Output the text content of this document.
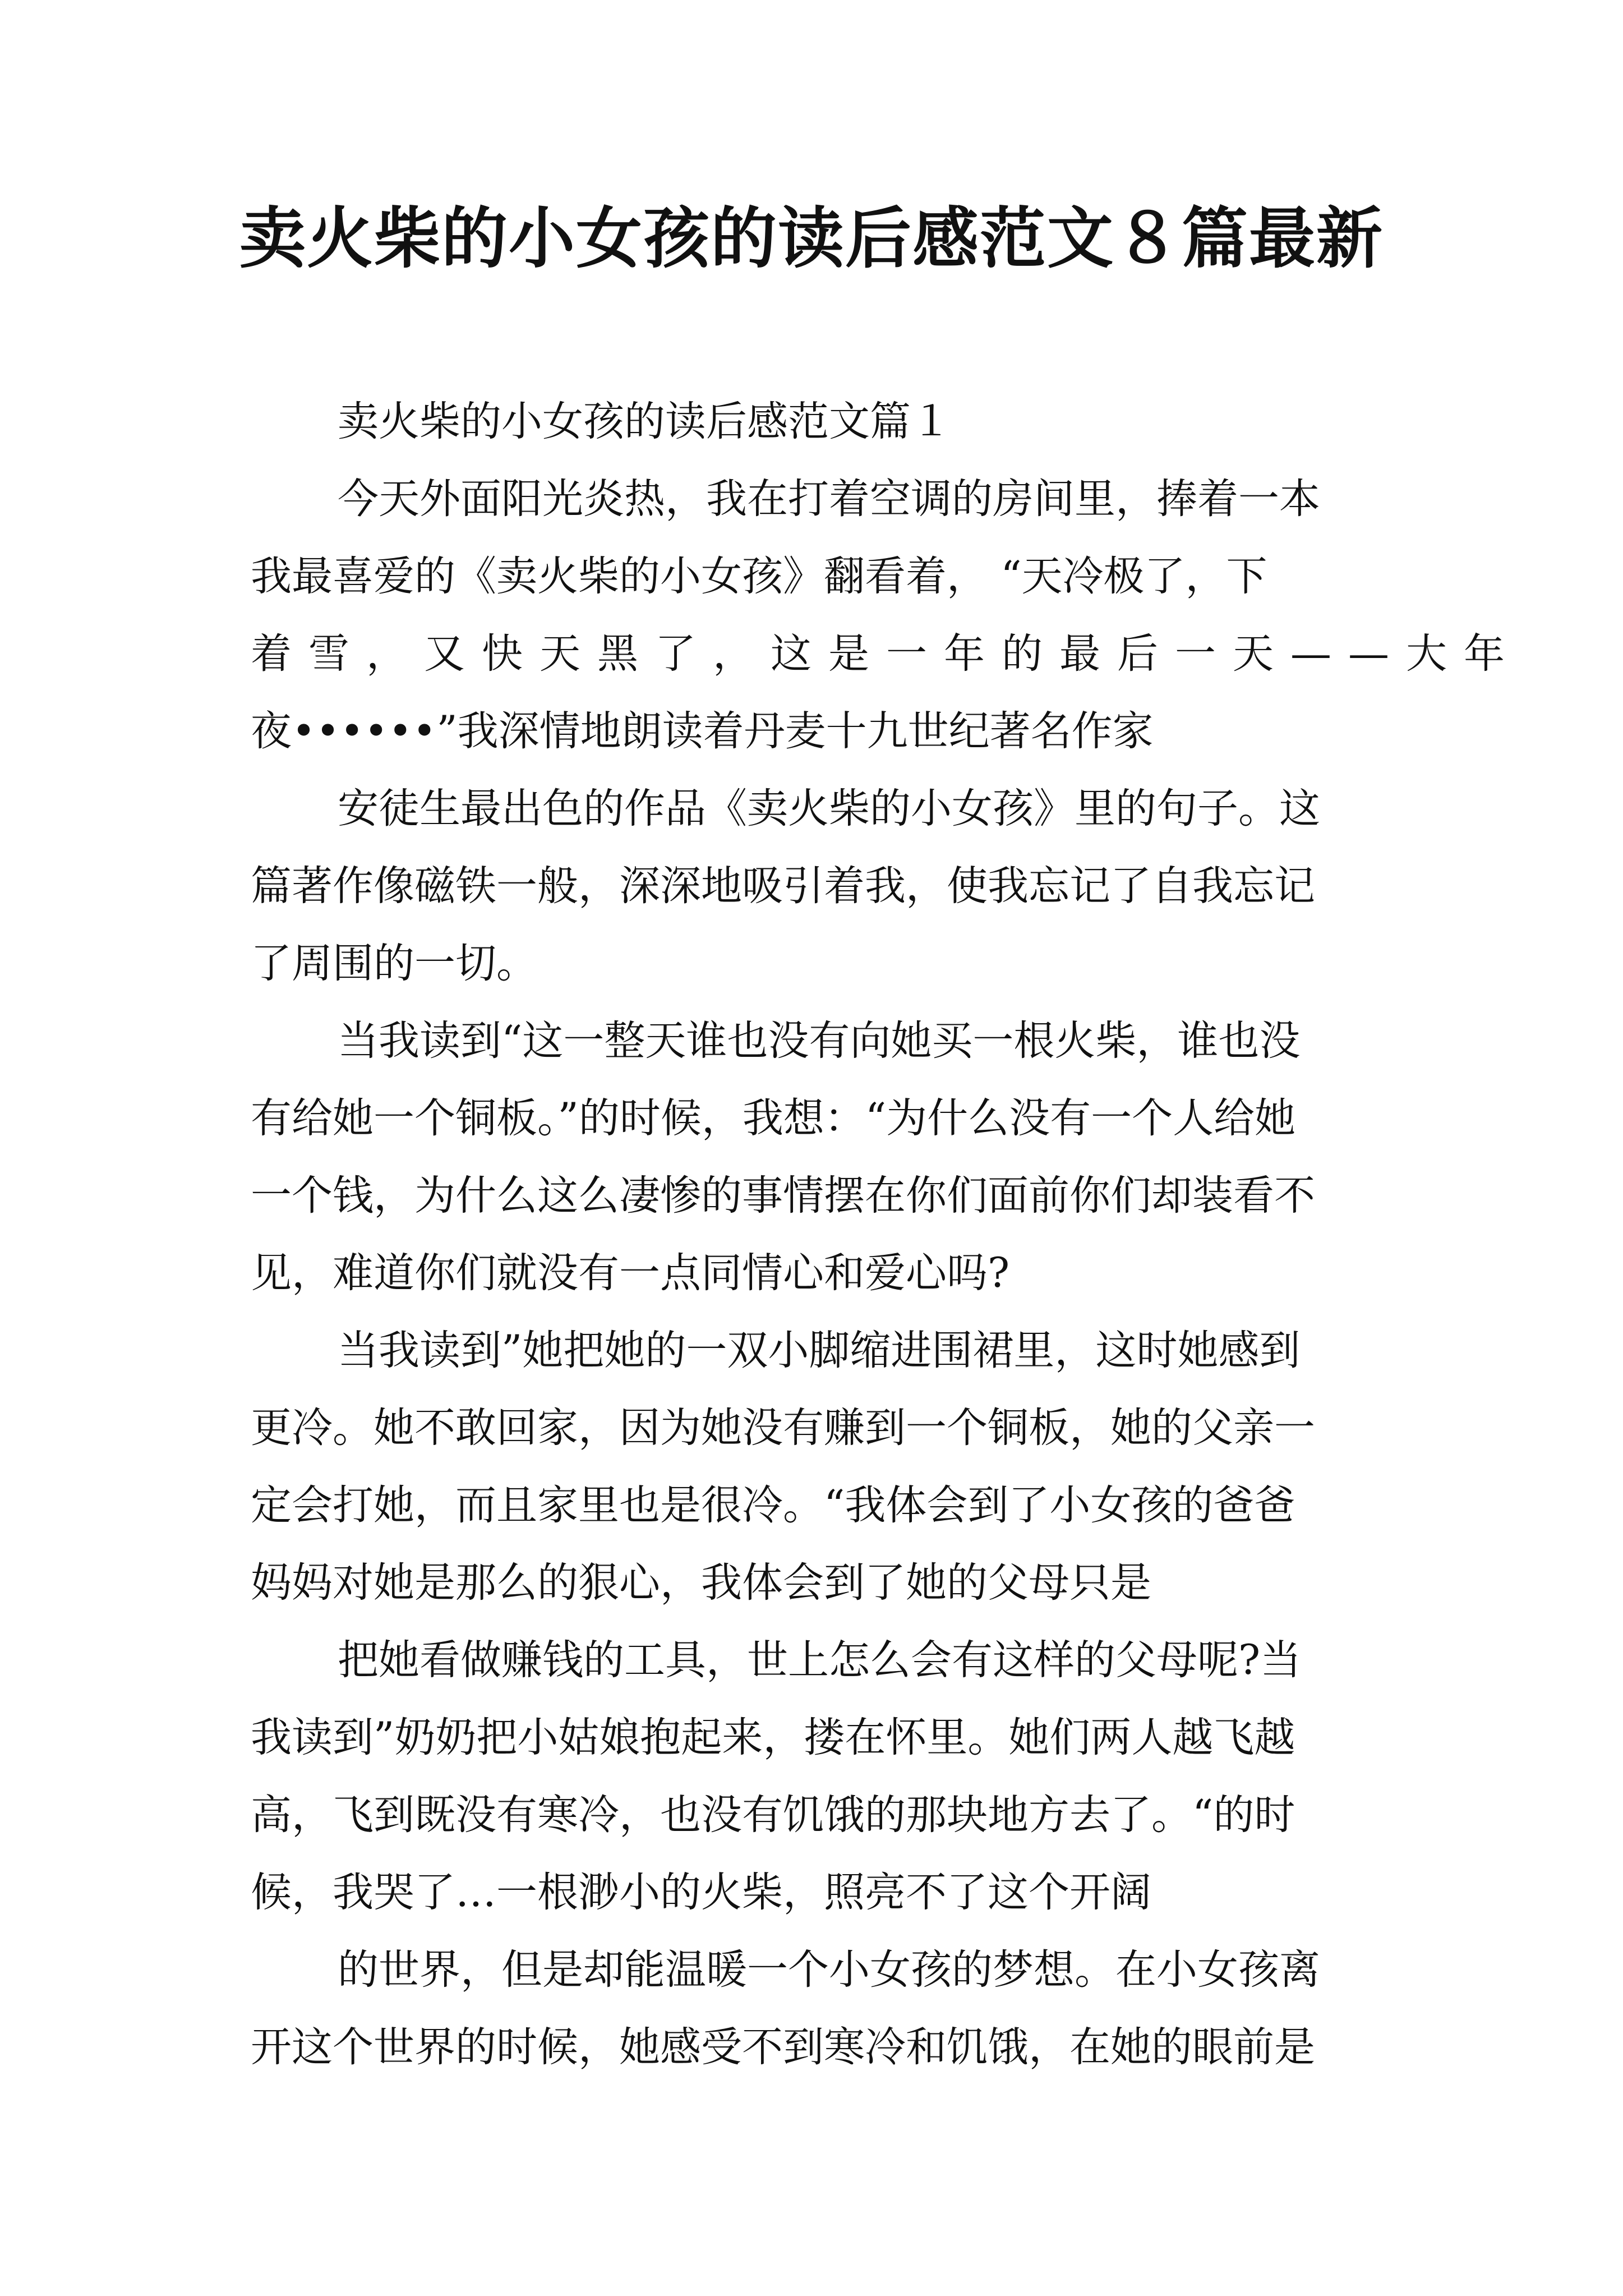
卖火柴的小女孩的读后感范文８篇最新

卖火柴的小女孩的读后感范文篇１

今天外面阳光炎热，我在打着空调的房间里，捧着一本

我最喜爱的《卖火柴的小女孩》翻看着， “天冷极了，下

着雪，又快天黑了，这是一年的最后一天——大年

夜••••••”我深情地朗读着丹麦十九世纪著名作家

安徒生最出色的作品《卖火柴的小女孩》里的句子。这

篇著作像磁铁一般，深深地吸引着我，使我忘记了自我忘记

了周围的一切。

当我读到“这一整天谁也没有向她买一根火柴，谁也没

有给她一个铜板。”的时候，我想：“为什么没有一个人给她

一个钱，为什么这么凄惨的事情摆在你们面前你们却装看不

见，难道你们就没有一点同情心和爱心吗?

当我读到”她把她的一双小脚缩进围裙里，这时她感到

更冷。她不敢回家，因为她没有赚到一个铜板，她的父亲一

定会打她，而且家里也是很冷。“我体会到了小女孩的爸爸

妈妈对她是那么的狠心，我体会到了她的父母只是

把她看做赚钱的工具，世上怎么会有这样的父母呢?当

我读到”奶奶把小姑娘抱起来，搂在怀里。她们两人越飞越

高，飞到既没有寒冷，也没有饥饿的那块地方去了。“的时

候，我哭了…一根渺小的火柴，照亮不了这个开阔

的世界，但是却能温暖一个小女孩的梦想。在小女孩离

开这个世界的时候，她感受不到寒冷和饥饿，在她的眼前是
